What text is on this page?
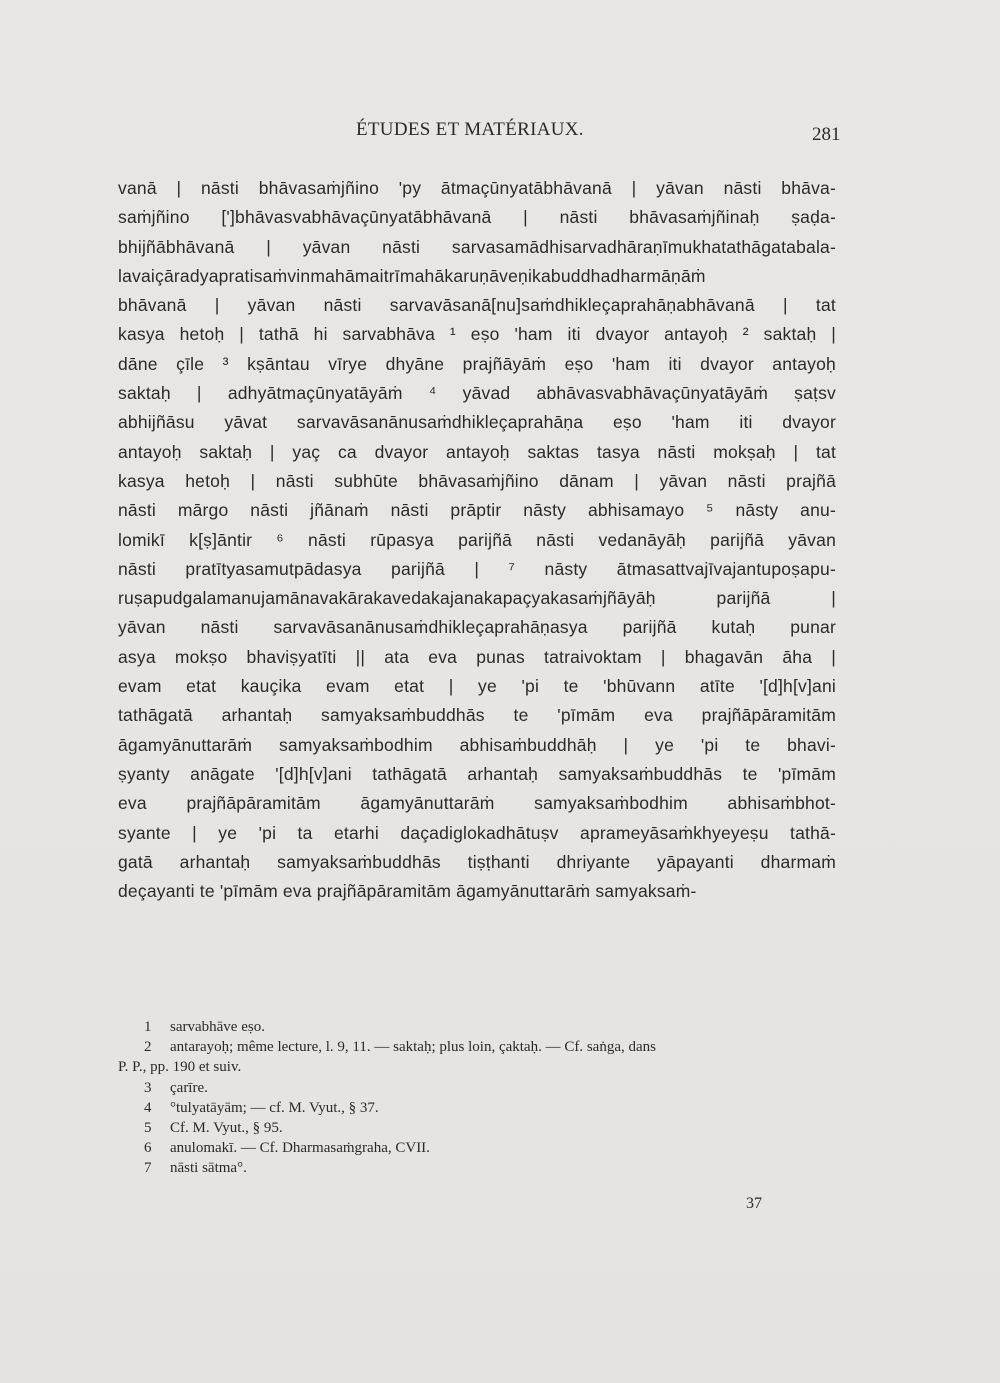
ÉTUDES ET MATÉRIAUX.	281
vanā | nāsti bhāvasaṁjñino 'py ātmaçūnyatābhāvanā | yāvan nāsti bhāva-
saṁjñino [']bhāvasvabhāvaçūnyatābhāvanā | nāsti bhāvasaṁjñinaḥ ṣaḍa-
bhijñābhāvanā | yāvan nāsti sarvasamādhisarvadhāraṇīmukhatathāgatabala-
lavaiçāradyapratisaṁvinmahāmaitrīmahākaruṇāveṇikabuddhadharmāṇāṁ
bhāvanā | yāvan nāsti sarvavāsanā[nu]saṁdhikleçaprahāṇabhāvanā | tat
kasya hetoḥ | tathā hi sarvabhāva ¹ eṣo 'ham iti dvayor antayoḥ ² saktaḥ |
dāne çīle ³ kṣāntau vīrye dhyāne prajñāyāṁ eṣo 'ham iti dvayor antayoḥ
saktaḥ | adhyātmaçūnyatāyāṁ ⁴ yāvad abhāvasvabhāvaçūnyatāyāṁ ṣaṭsv
abhijñāsu yāvat sarvavāsanānusaṁdhikleçaprahāṇa eṣo 'ham iti dvayor
antayoḥ saktaḥ | yaç ca dvayor antayoḥ saktas tasya nāsti mokṣaḥ | tat
kasya hetoḥ | nāsti subhūte bhāvasaṁjñino dānam | yāvan nāsti prajñā
nāsti mārgo nāsti jñānaṁ nāsti prāptir nāsty abhisamayo ⁵ nāsty anu-
lomikī k[ṣ]āntir ⁶ nāsti rūpasya parijñā nāsti vedanāyāḥ parijñā yāvan
nāsti pratītyasamutpādasya parijñā | ⁷ nāsty ātmasattvajīvajantupoṣapu-
ruṣapudgalamanujamānavakārakavedakajanakapaçyakasaṁjñāyāḥ parijñā |
yāvan nāsti sarvavāsanānusaṁdhikleçaprahāṇasya parijñā kutaḥ punar
asya mokṣo bhaviṣyatīti || ata eva punas tatraivoktam | bhagavān āha |
evam etat kauçika evam etat | ye 'pi te 'bhūvann atīte '[d]h[v]ani
tathāgatā arhantaḥ samyaksaṁbuddhās te 'pīmām eva prajñāpāramitām
āgamyānuttarāṁ samyaksaṁbodhim abhisaṁbuddhāḥ | ye 'pi te bhavi-
ṣyanty anāgate '[d]h[v]ani tathāgatā arhantaḥ samyaksaṁbuddhās te 'pīmām
eva prajñāpāramitām āgamyānuttarāṁ samyaksaṁbodhim abhisaṁbhot-
syante | ye 'pi ta etarhi daçadiglokadhātuṣv aprameyāsaṁkhyeyeṣu tathā-
gatā arhantaḥ samyaksaṁbuddhās tiṣṭhanti dhriyante yāpayanti dharmaṁ
deçayanti te 'pīmām eva prajñāpāramitām āgamyānuttarāṁ samyaksaṁ-
1 sarvabhāve eṣo.
2 antarayoḥ; même lecture, l. 9, 11. — saktaḥ; plus loin, çaktaḥ. — Cf. saṅga, dans
P. P., pp. 190 et suiv.
3 çarīre.
4 °tulyatāyām; — cf. M. Vyut., § 37.
5 Cf. M. Vyut., § 95.
6 anulomakī. — Cf. Dharmasaṁgraha, CVII.
7 nāsti sātma°.
37
